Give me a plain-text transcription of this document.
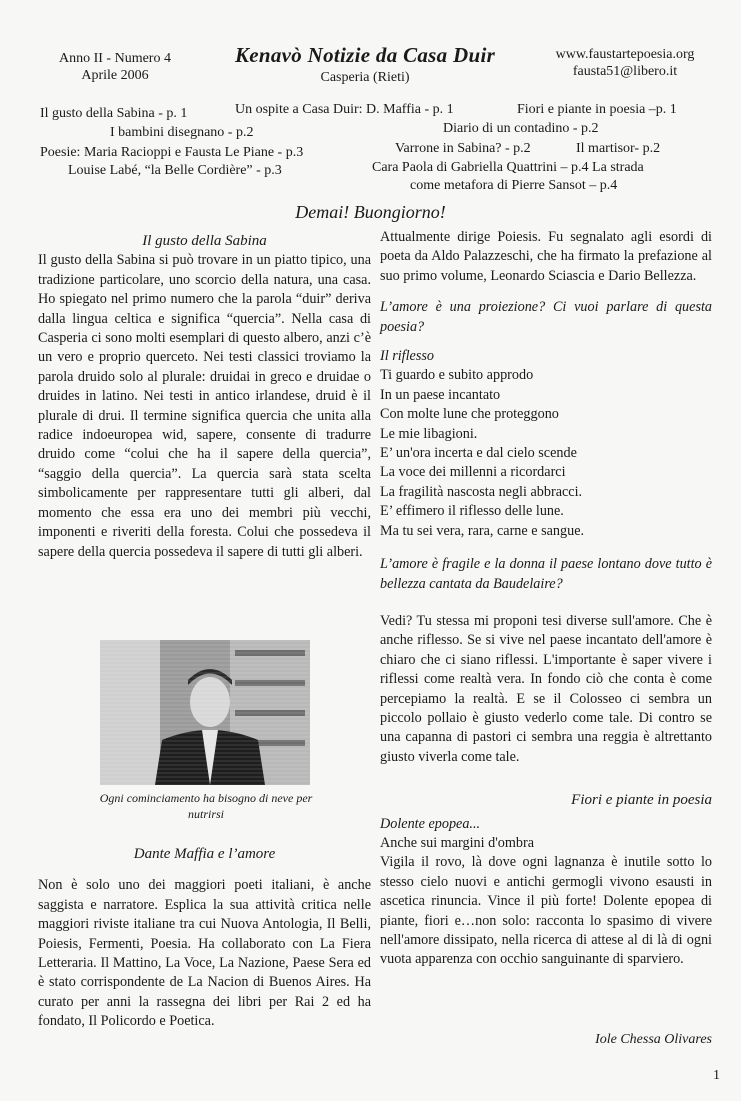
Anno II - Numero 4
Aprile 2006
Kenavò Notizie da Casa Duir
Casperia (Rieti)
www.faustartepoesia.org
fausta51@libero.it
Il gusto della Sabina - p. 1	Un ospite a Casa Duir: D. Maffia - p. 1	Fiori e piante in poesia –p. 1
I bambini disegnano - p.2	Diario di un contadino - p.2
Poesie: Maria Racioppi e Fausta Le Piane - p.3	Varrone in Sabina? - p.2	Il martisor- p.2
Louise Labé, “la Belle Cordière” - p.3	Cara Paola di Gabriella Quattrini – p.4 La strada
come metafora di Pierre Sansot – p.4
Demai! Buongiorno!

Il gusto della Sabina

Il gusto della Sabina si può trovare in un piatto tipico, una tradizione particolare, uno scorcio della natura, una casa. Ho spiegato nel primo numero che la parola “duir” deriva dalla lingua celtica e significa “quercia”. Nella casa di Casperia ci sono molti esemplari di questo albero, anzi c’è un vero e proprio querceto. Nei testi classici troviamo la parola druido solo al plurale: druidai in greco e druidae o druides in latino. Nei testi in antico irlandese, druid è il plurale di drui. Il termine significa quercia che unita alla radice indoeuropea wid, sapere, consente di tradurre druido come “colui che ha il sapere della quercia”, “saggio della quercia”. La quercia sarà stata scelta simbolicamente per rappresentare tutti gli alberi, dal momento che essa era uno dei membri più vecchi, imponenti e riveriti della foresta. Colui che possedeva il sapere della quercia possedeva il sapere di tutti gli alberi.

Ogni cominciamento ha bisogno di neve per nutrirsi

Dante Maffia e l’amore

Non è solo uno dei maggiori poeti italiani, è anche saggista e narratore. Esplica la sua attività critica nelle maggiori riviste italiane tra cui Nuova Antologia, Il Belli, Poiesis, Fermenti, Poesia. Ha collaborato con La Fiera Letteraria. Il Mattino, La Voce, La Nazione, Paese Sera ed è stato corrispondente de La Nacion di Buenos Aires. Ha curato per anni la rassegna dei libri per Rai 2 ed ha fondato, Il Policordo e Poetica.

Attualmente dirige Poiesis. Fu segnalato agli esordi di poeta da Aldo Palazzeschi, che ha firmato la prefazione al suo primo volume, Leonardo Sciascia e Dario Bellezza.

L’amore è una proiezione? Ci vuoi parlare di questa poesia?

Il riflesso
Ti guardo e subito approdo
In un paese incantato
Con molte lune che proteggono
Le mie libagioni.
E’ un'ora incerta e dal cielo scende
La voce dei millenni a ricordarci
La fragilità nascosta negli abbracci.
E’ effimero il riflesso delle lune.
Ma tu sei vera, rara, carne e sangue.

L’amore è fragile e la donna il paese lontano dove tutto è bellezza cantata da Baudelaire?

Vedi? Tu stessa mi proponi tesi diverse sull'amore. Che è anche riflesso. Se si vive nel paese incantato dell'amore è chiaro che ci siano riflessi. L'importante è saper vivere i riflessi come realtà vera. In fondo ciò che conta è come percepiamo la realtà. E se il Colosseo ci sembra un piccolo pollaio è giusto vederlo come tale. Di contro se una capanna di pastori ci sembra una reggia è altrettanto giusto viverla come tale.

Fiori e piante in poesia

Dolente epopea...
Anche sui margini d'ombra

Vigila il rovo, là dove ogni lagnanza è inutile sotto lo stesso cielo nuovi e antichi germogli vivono esausti in ascetica rinuncia. Vince il più forte! Dolente epopea di piante, fiori e…non solo: racconta lo spasimo di vivere nell'amore dissipato, nella ricerca di attese al di là di ogni vuota apparenza con occhio sanguinante di sparviero.

Iole Chessa Olivares
1
